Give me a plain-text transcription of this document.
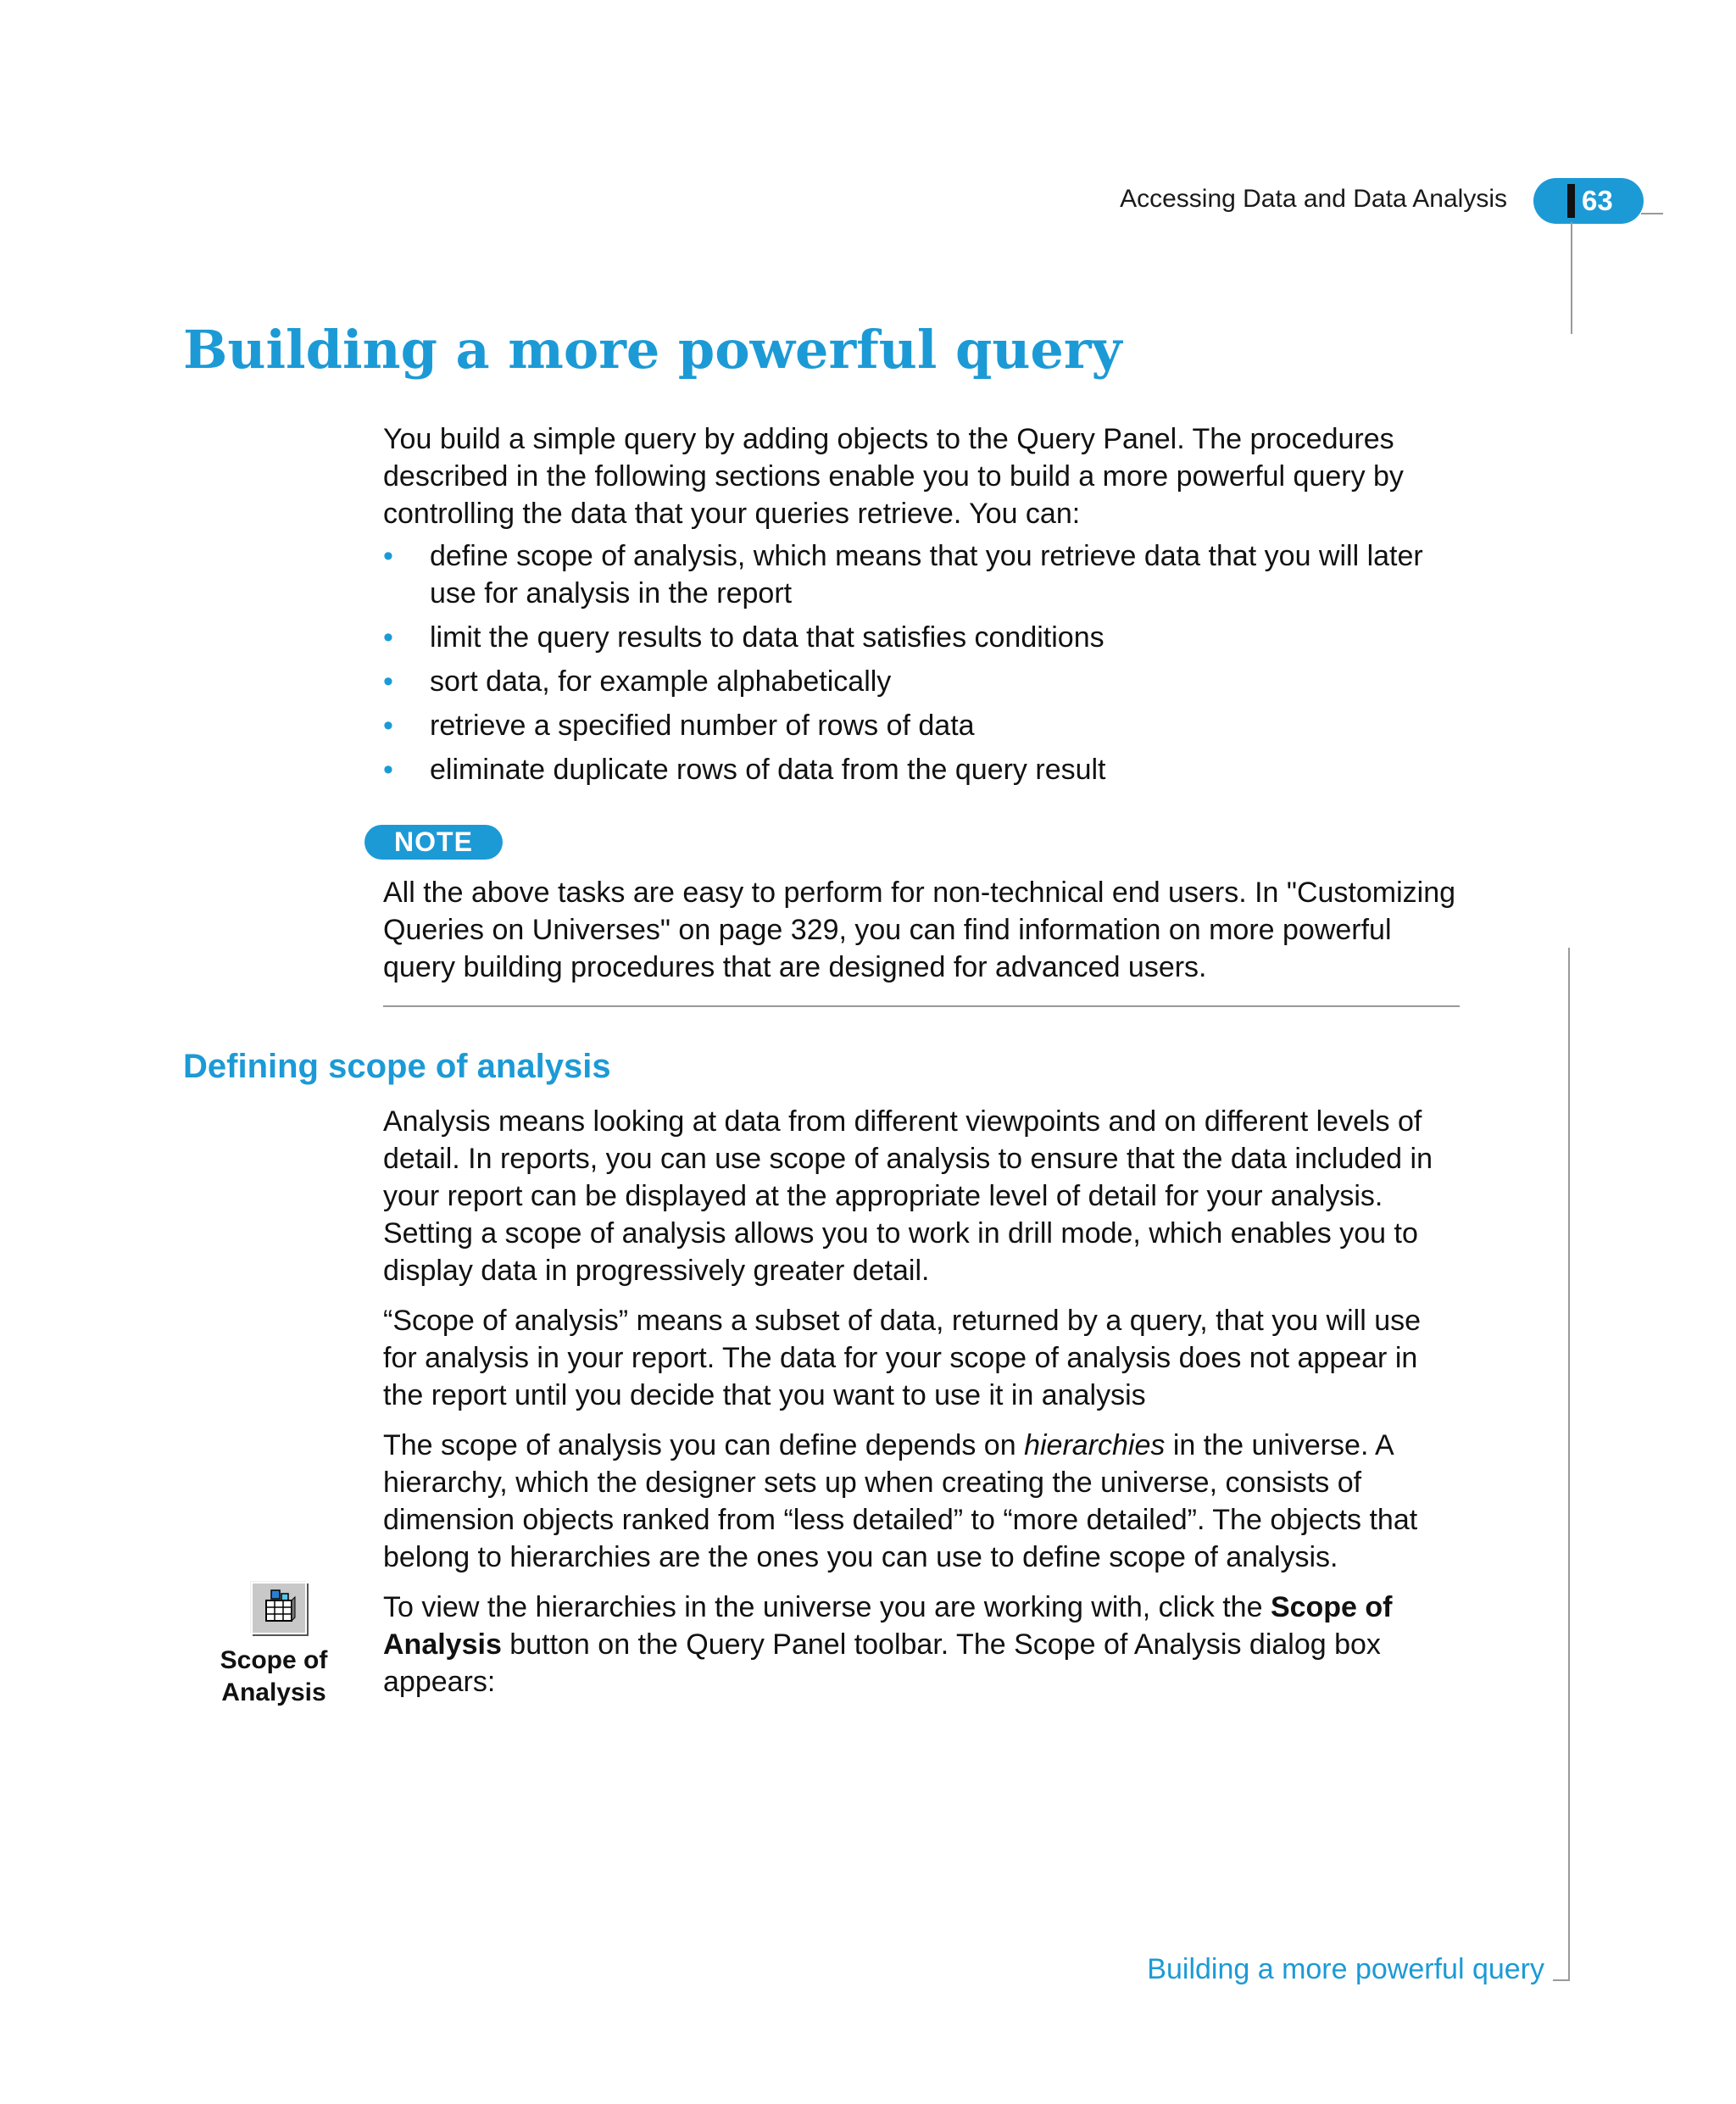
Accessing Data and Data Analysis	63
Building a more powerful query

You build a simple query by adding objects to the Query Panel. The procedures described in the following sections enable you to build a more powerful query by controlling the data that your queries retrieve. You can:

• define scope of analysis, which means that you retrieve data that you will later use for analysis in the report
• limit the query results to data that satisfies conditions
• sort data, for example alphabetically
• retrieve a specified number of rows of data
• eliminate duplicate rows of data from the query result
NOTE

All the above tasks are easy to perform for non-technical end users. In "Customizing Queries on Universes" on page 329, you can find information on more powerful query building procedures that are designed for advanced users.

Defining scope of analysis

Analysis means looking at data from different viewpoints and on different levels of detail. In reports, you can use scope of analysis to ensure that the data included in your report can be displayed at the appropriate level of detail for your analysis. Setting a scope of analysis allows you to work in drill mode, which enables you to display data in progressively greater detail.

“Scope of analysis” means a subset of data, returned by a query, that you will use for analysis in your report. The data for your scope of analysis does not appear in the report until you decide that you want to use it in analysis

The scope of analysis you can define depends on hierarchies in the universe. A hierarchy, which the designer sets up when creating the universe, consists of dimension objects ranked from “less detailed” to “more detailed”. The objects that belong to hierarchies are the ones you can use to define scope of analysis.

To view the hierarchies in the universe you are working with, click the Scope of Analysis button on the Query Panel toolbar. The Scope of Analysis dialog box appears:

Scope of
Analysis
Building a more powerful query
